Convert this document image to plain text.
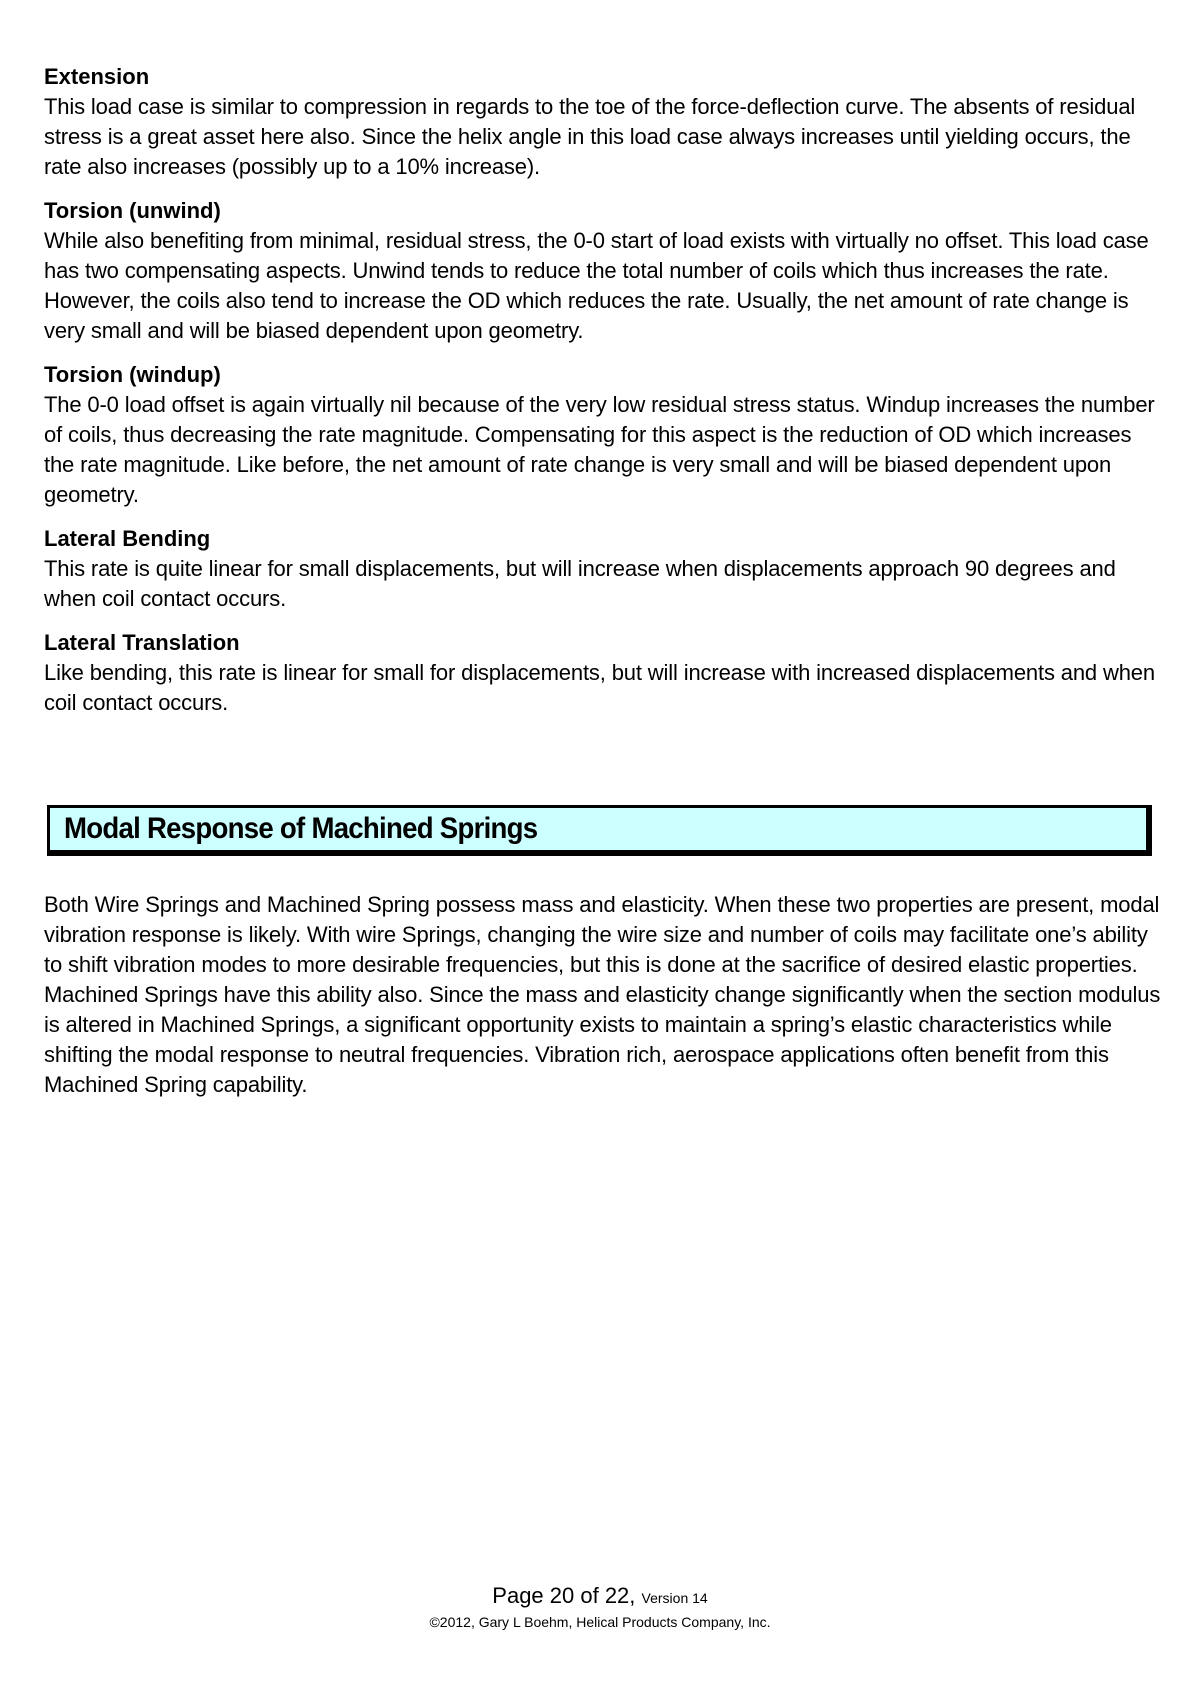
Extension

This load case is similar to compression in regards to the toe of the force-deflection curve. The absents of residual stress is a great asset here also. Since the helix angle in this load case always increases until yielding occurs, the rate also increases (possibly up to a 10% increase).

Torsion (unwind)

While also benefiting from minimal, residual stress, the 0-0 start of load exists with virtually no offset. This load case has two compensating aspects. Unwind tends to reduce the total number of coils which thus increases the rate. However, the coils also tend to increase the OD which reduces the rate. Usually, the net amount of rate change is very small and will be biased dependent upon geometry.

Torsion (windup)

The 0-0 load offset is again virtually nil because of the very low residual stress status. Windup increases the number of coils, thus decreasing the rate magnitude. Compensating for this aspect is the reduction of OD which increases the rate magnitude. Like before, the net amount of rate change is very small and will be biased dependent upon geometry.

Lateral Bending

This rate is quite linear for small displacements, but will increase when displacements approach 90 degrees and when coil contact occurs.

Lateral Translation

Like bending, this rate is linear for small for displacements, but will increase with increased displacements and when coil contact occurs.

Modal Response of Machined Springs

Both Wire Springs and Machined Spring possess mass and elasticity. When these two properties are present, modal vibration response is likely. With wire Springs, changing the wire size and number of coils may facilitate one’s ability to shift vibration modes to more desirable frequencies, but this is done at the sacrifice of desired elastic properties. Machined Springs have this ability also. Since the mass and elasticity change significantly when the section modulus is altered in Machined Springs, a significant opportunity exists to maintain a spring’s elastic characteristics while shifting the modal response to neutral frequencies. Vibration rich, aerospace applications often benefit from this Machined Spring capability.

Page 20 of 22, Version 14
©2012, Gary L Boehm, Helical Products Company, Inc.
